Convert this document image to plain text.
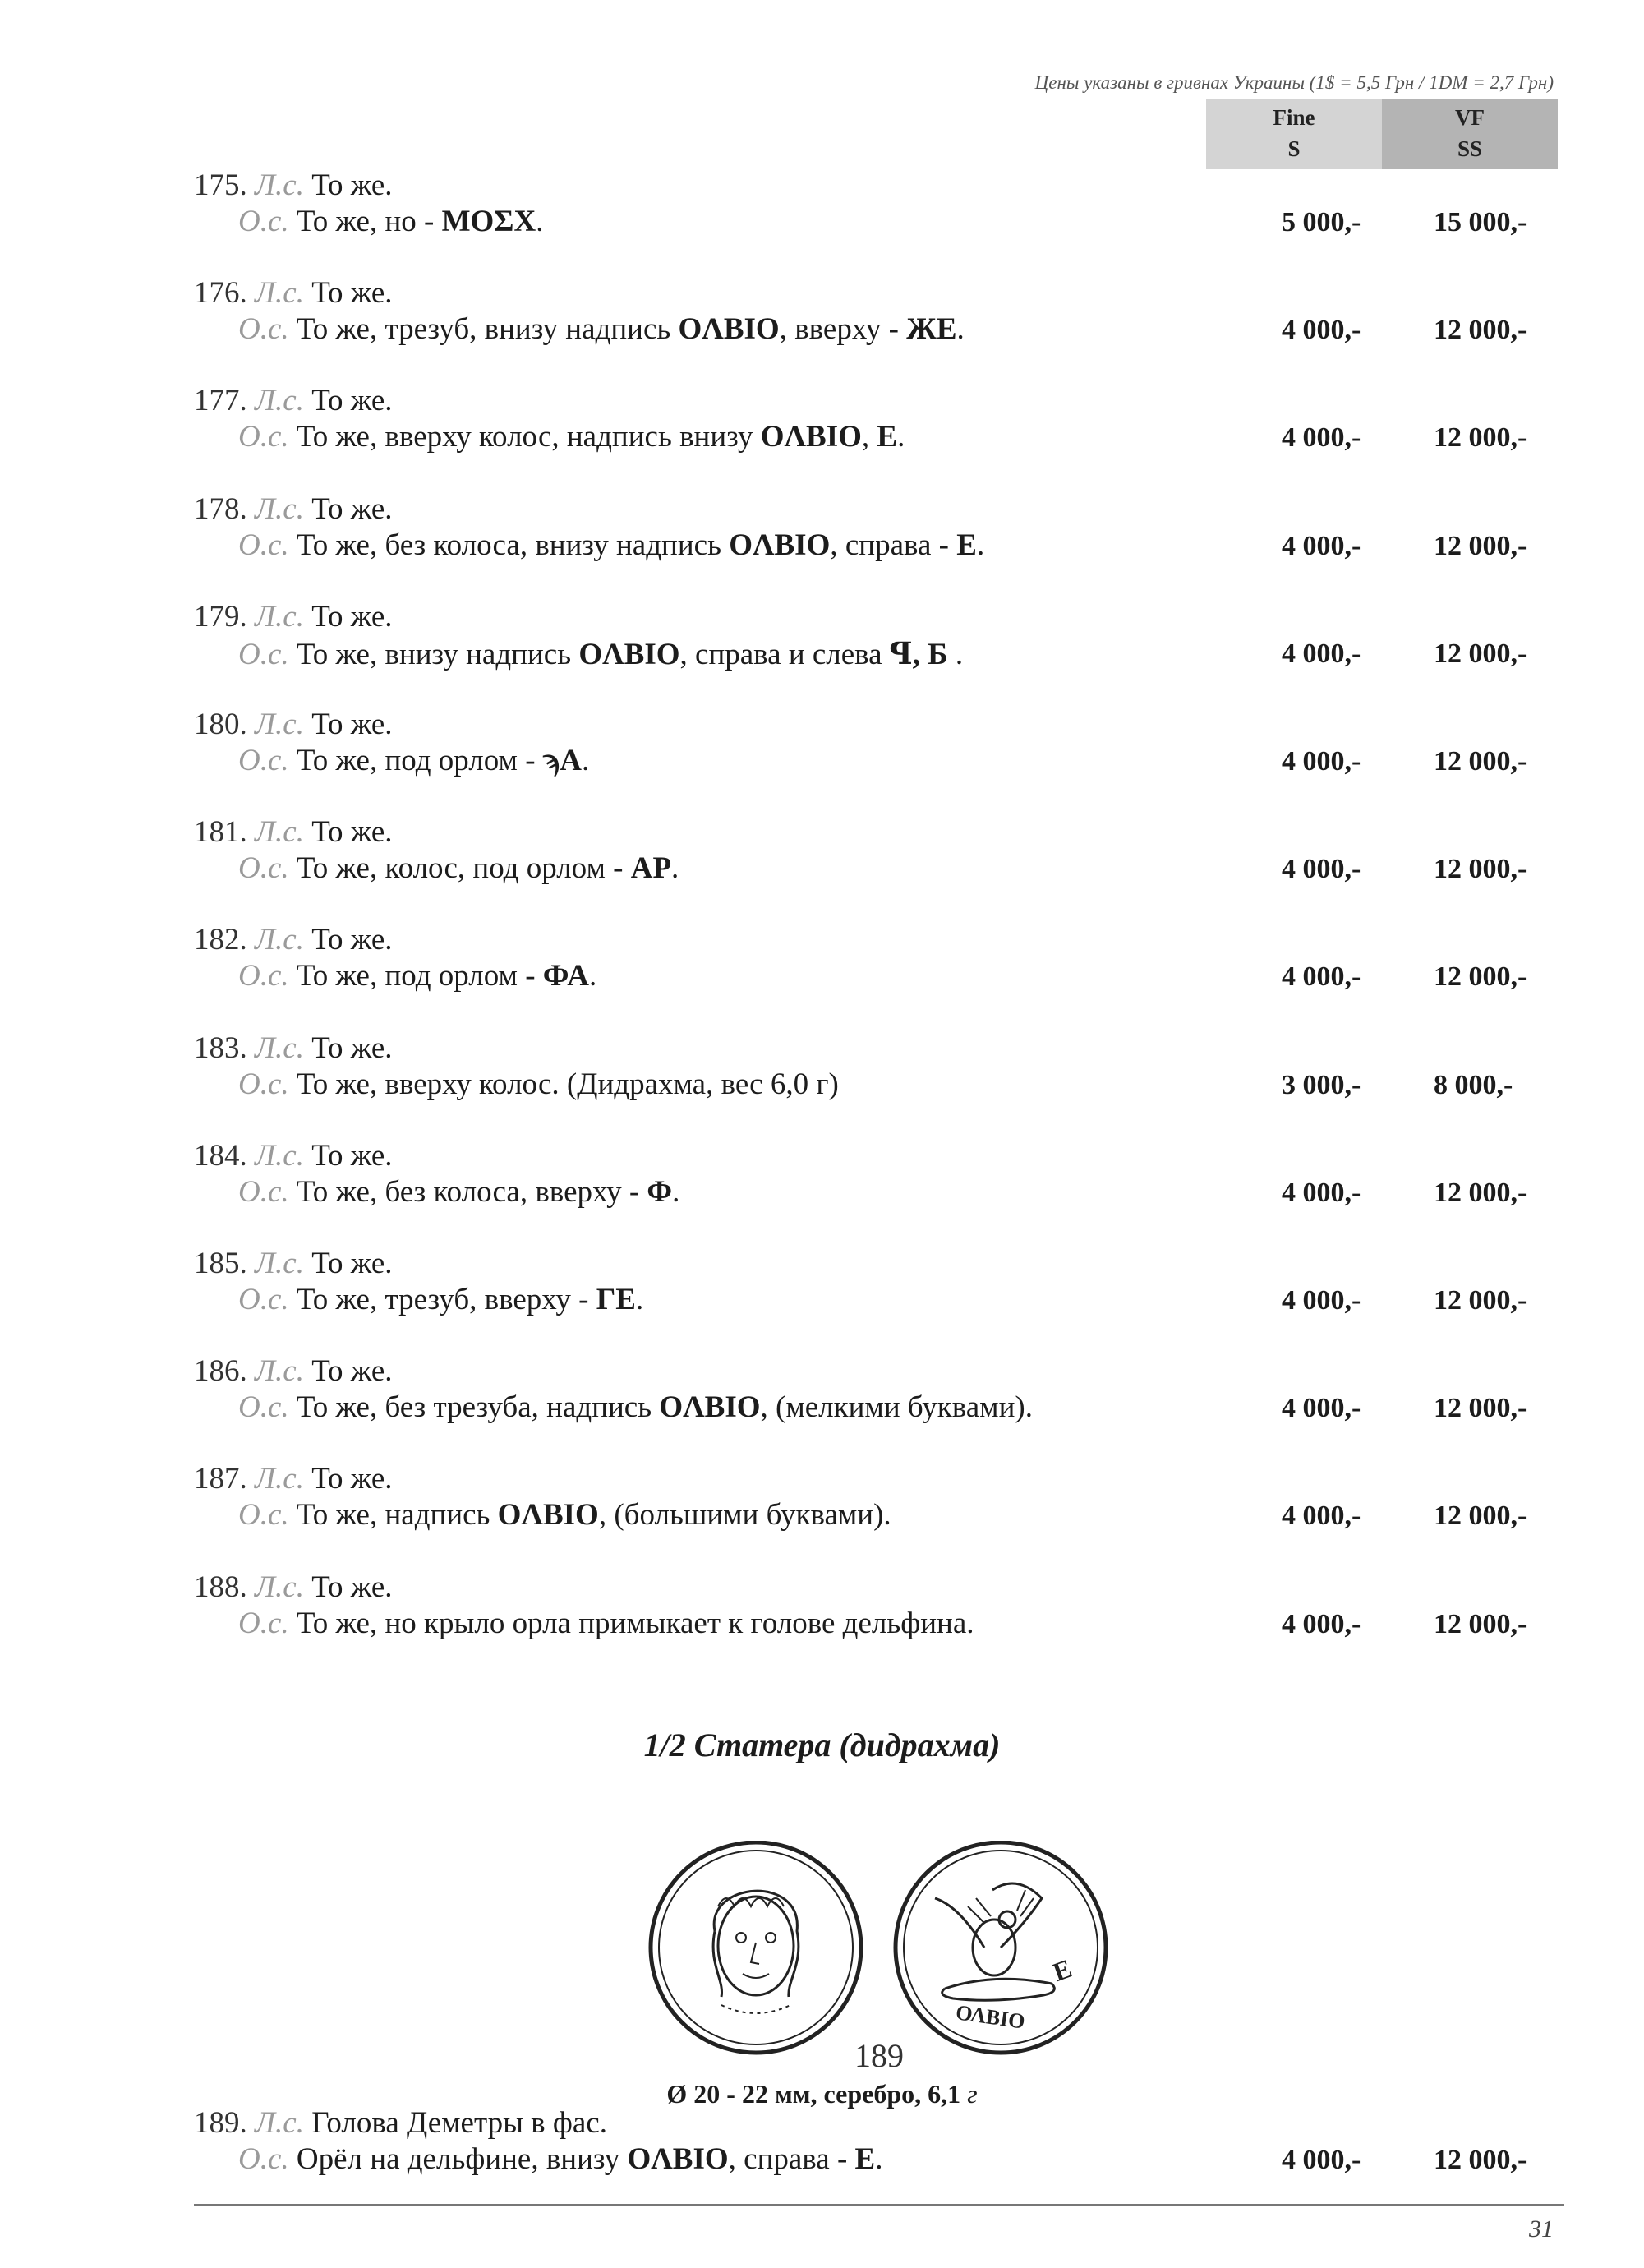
Цены указаны в гривнах Украины (1$ = 5,5 Грн / 1DM = 2,7 Грн)
Fine
S
VF
SS
175. Л.с. То же.
О.с. То же, но - ΜΟΣΧ.	5 000,-	15 000,-
176. Л.с. То же.
О.с. То же, трезуб, внизу надпись ОΛΒΙΟ, вверху - ЖЕ.	4 000,-	12 000,-
177. Л.с. То же.
О.с. То же, вверху колос, надпись внизу ОΛΒΙΟ, Ε.	4 000,-	12 000,-
178. Л.с. То же.
О.с. То же, без колоса, внизу надпись ОΛΒΙΟ, справа - Е.	4 000,-	12 000,-
179. Л.с. То же.
О.с. То же, внизу надпись ОΛΒΙΟ, справа и слева ꟼ, Ƃ .	4 000,-	12 000,-
180. Л.с. То же.
О.с. То же, под орлом - ϡΑ.	4 000,-	12 000,-
181. Л.с. То же.
О.с. То же, колос, под орлом - АР.	4 000,-	12 000,-
182. Л.с. То же.
О.с. То же, под орлом - ФА.	4 000,-	12 000,-
183. Л.с. То же.
О.с. То же, вверху колос. (Дидрахма, вес 6,0 г)	3 000,-	8 000,-
184. Л.с. То же.
О.с. То же, без колоса, вверху - Φ.	4 000,-	12 000,-
185. Л.с. То же.
О.с. То же, трезуб, вверху - ГЕ.	4 000,-	12 000,-
186. Л.с. То же.
О.с. То же, без трезуба, надпись ОΛΒΙΟ, (мелкими буквами).	4 000,-	12 000,-
187. Л.с. То же.
О.с. То же, надпись ОΛΒΙΟ, (большими буквами).	4 000,-	12 000,-
188. Л.с. То же.
О.с. То же, но крыло орла примыкает к голове дельфина.	4 000,-	12 000,-
1/2 Статера (дидрахма)
ΟΛΒΙΟ
Ε
189
Ø 20 - 22 мм, серебро, 6,1 г
189. Л.с. Голова Деметры в фас.
О.с. Орёл на дельфине, внизу ОΛΒΙΟ, справа - Ε.	4 000,-	12 000,-
31
